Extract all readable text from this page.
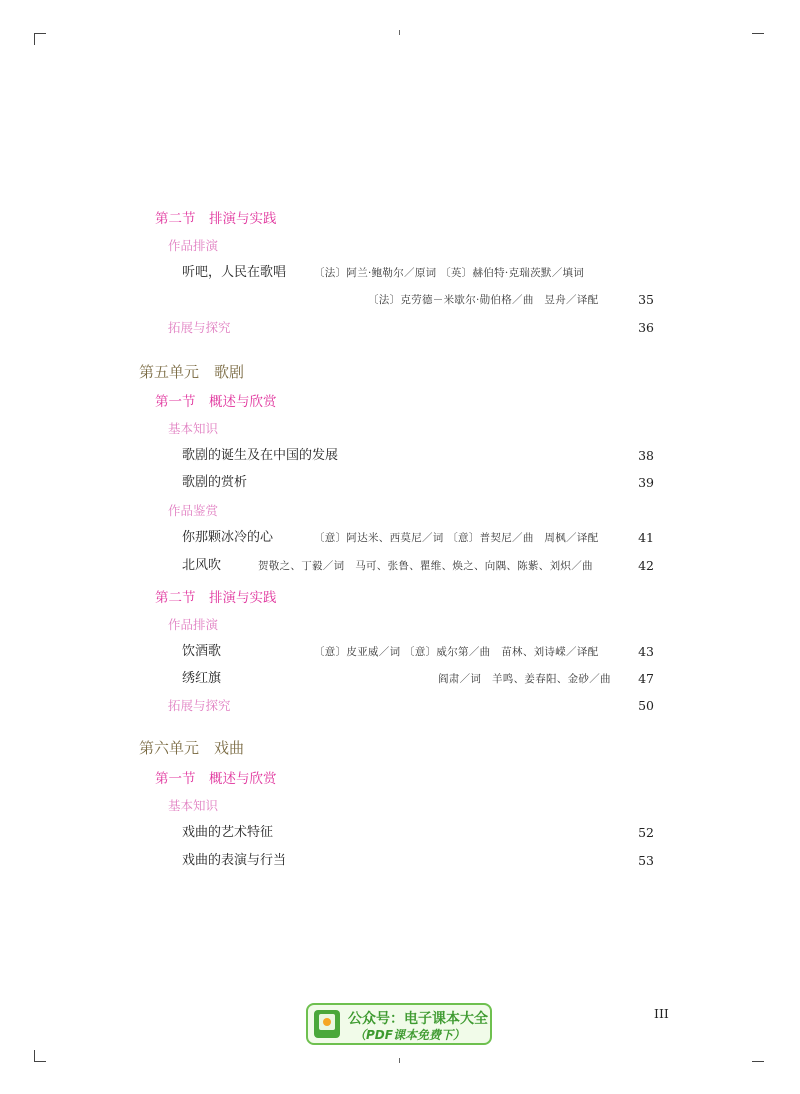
第二节　排演与实践
作品排演
听吧，人民在歌唱	〔法〕阿兰·鲍勒尔／原词 〔英〕赫伯特·克瑞茨默／填词
〔法〕克劳德－米歇尔·勋伯格／曲　昱舟／译配	35
拓展与探究	36
第五单元　歌剧
第一节　概述与欣赏
基本知识
歌剧的诞生及在中国的发展	38
歌剧的赏析	39
作品鉴赏
你那颗冰冷的心	〔意〕阿达米、西莫尼／词 〔意〕普契尼／曲　周枫／译配	41
北风吹	贺敬之、丁毅／词　马可、张鲁、瞿维、焕之、向隅、陈紫、刘炽／曲	42
第二节　排演与实践
作品排演
饮酒歌	〔意〕皮亚威／词 〔意〕威尔第／曲　苗林、刘诗嵘／译配	43
绣红旗	阎肃／词　羊鸣、姜春阳、金砂／曲 47
拓展与探究	50
第六单元　戏曲
第一节　概述与欣赏
基本知识
戏曲的艺术特征	52
戏曲的表演与行当	53
公众号：电子课本大全
（PDF课本免费下）
III
